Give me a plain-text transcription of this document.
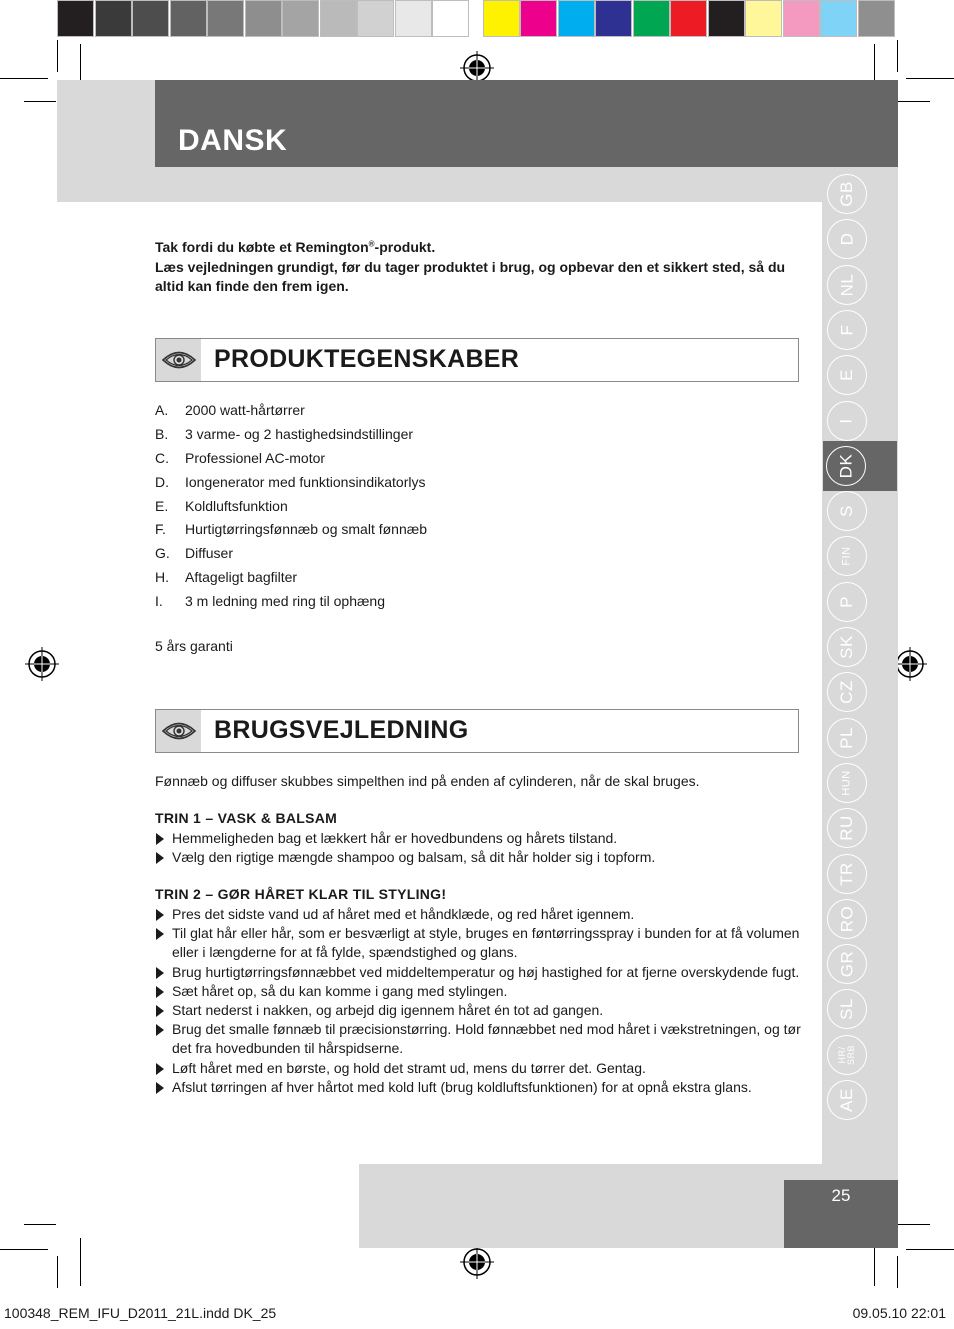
DANSK
GB
D
NL
F
E
I
DK
S
FIN
P
SK
CZ
PL
HUN
RU
TR
RO
GR
SL
HR/ SRB
AE
Tak fordi du købte et Remington®-produkt.
Læs vejledningen grundigt, før du tager produktet i brug, og opbevar den et sikkert sted, så du altid kan finde den frem igen.
PRODUKTEGENSKABER
A.	2000 watt-hårtørrer
B.	3 varme- og 2 hastighedsindstillinger
C.	Professionel AC-motor
D.	Iongenerator med funktionsindikatorlys
E.	Koldluftsfunktion
F.	Hurtigtørringsfønnæb og smalt fønnæb
G.	Diffuser
H.	Aftageligt bagfilter
I.	3 m ledning med ring til ophæng
5 års garanti
BRUGSVEJLEDNING
Fønnæb og diffuser skubbes simpelthen ind på enden af cylinderen, når de skal bruges.
TRIN 1 – VASK & BALSAM
Hemmeligheden bag et lækkert hår er hovedbundens og hårets tilstand.
Vælg den rigtige mængde shampoo og balsam, så dit hår holder sig i topform.
TRIN 2 – GØR HÅRET KLAR TIL STYLING!
Pres det sidste vand ud af håret med et håndklæde, og red håret igennem.
Til glat hår eller hår, som er besværligt at style, bruges en føntørringsspray i bunden for at få volumen eller i længderne for at få fylde, spændstighed og glans.
Brug hurtigtørringsfønnæbbet ved middeltemperatur og høj hastighed for at fjerne overskydende fugt.
Sæt håret op, så du kan komme i gang med stylingen.
Start nederst i nakken, og arbejd dig igennem håret én tot ad gangen.
Brug det smalle fønnæb til præcisionstørring. Hold fønnæbbet ned mod håret i vækstretningen, og tør det fra hovedbunden til hårspidserne.
Løft håret med en børste, og hold det stramt ud, mens du tørrer det. Gentag.
Afslut tørringen af hver hårtot med kold luft (brug koldluftsfunktionen) for at opnå ekstra glans.
25
100348_REM_IFU_D2011_21L.indd DK_25	09.05.10 22:01
